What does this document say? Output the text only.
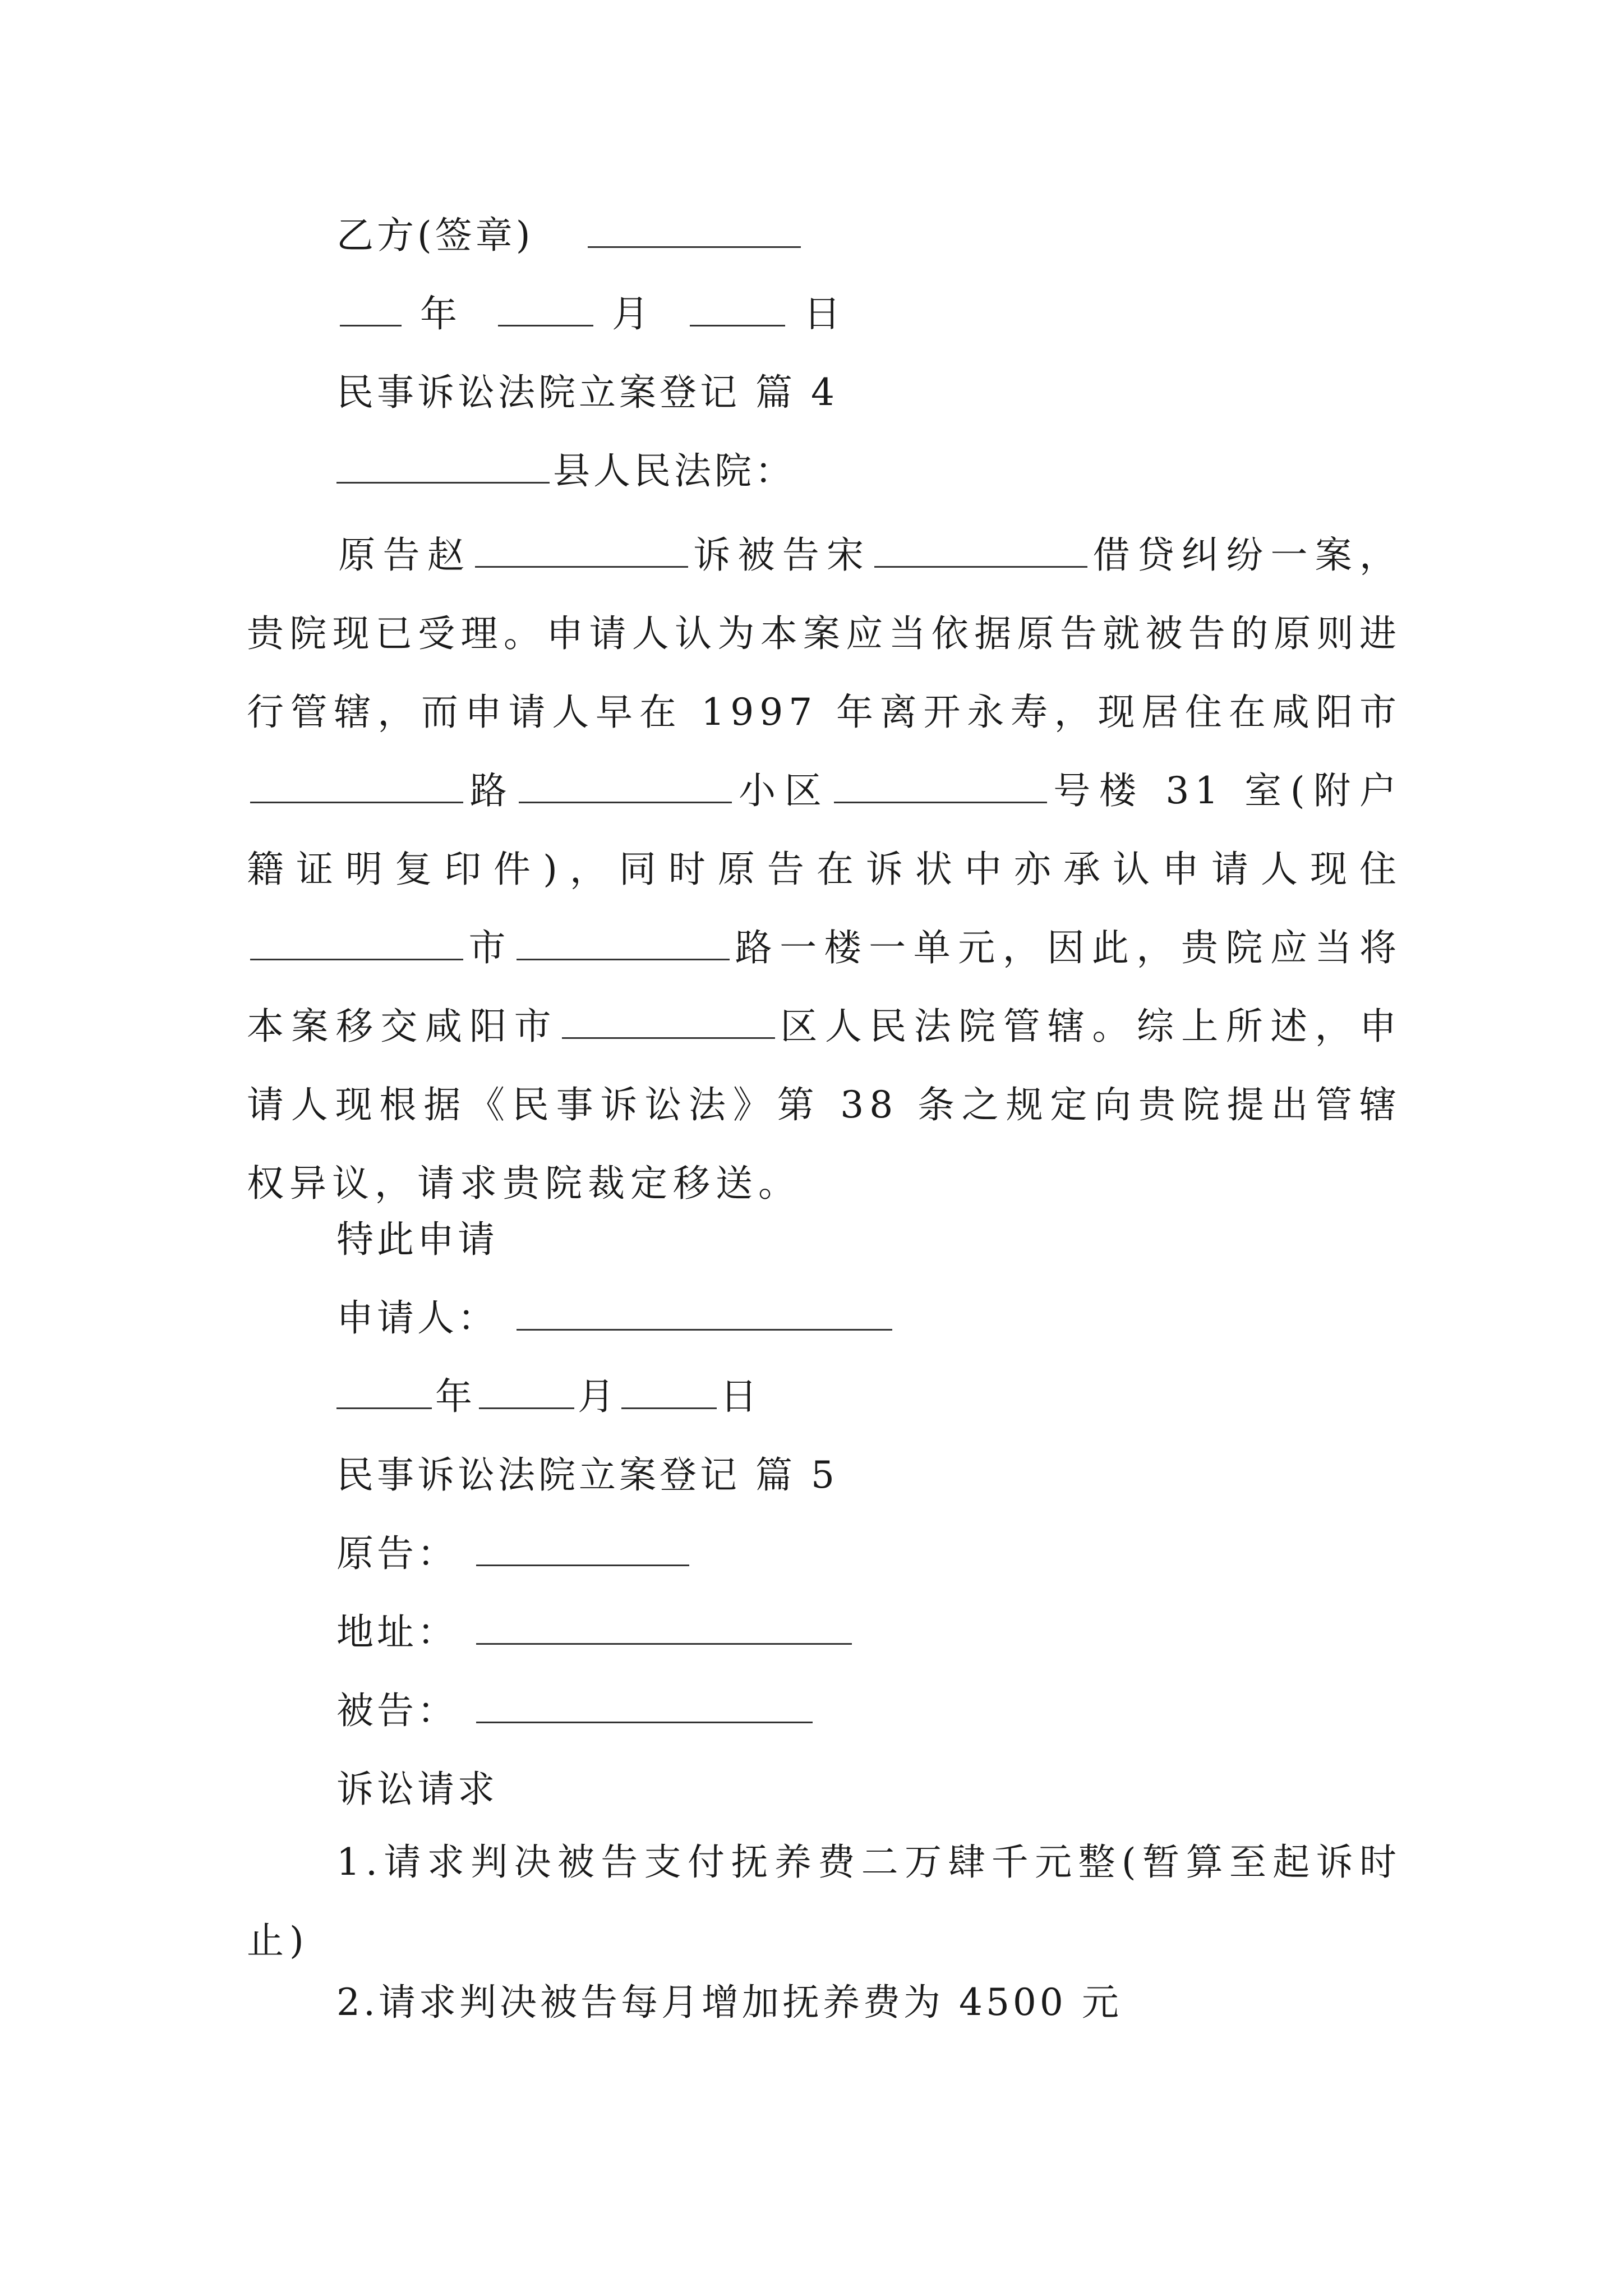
乙方(签章)
年	月	日
民事诉讼法院立案登记 篇 4
县人民法院：
原告赵	诉被告宋	借贷纠纷一案，贵院现已受理。申请人认为本案应当依据原告就被告的原则进行管辖，而申请人早在 1997 年离开永寿，现居住在咸阳市路	小区	号楼 31 室(附户籍证明复印件)，同时原告在诉状中亦承认申请人现住市	路一楼一单元，因此，贵院应当将本案移交咸阳市	区人民法院管辖。综上所述，申请人现根据《民事诉讼法》第 38 条之规定向贵院提出管辖权异议，请求贵院裁定移送。
特此申请
申请人：
年	月	日
民事诉讼法院立案登记 篇 5
原告：
地址：
被告：
诉讼请求
1.请求判决被告支付抚养费二万肆千元整(暂算至起诉时止)
2.请求判决被告每月增加抚养费为 4500 元
